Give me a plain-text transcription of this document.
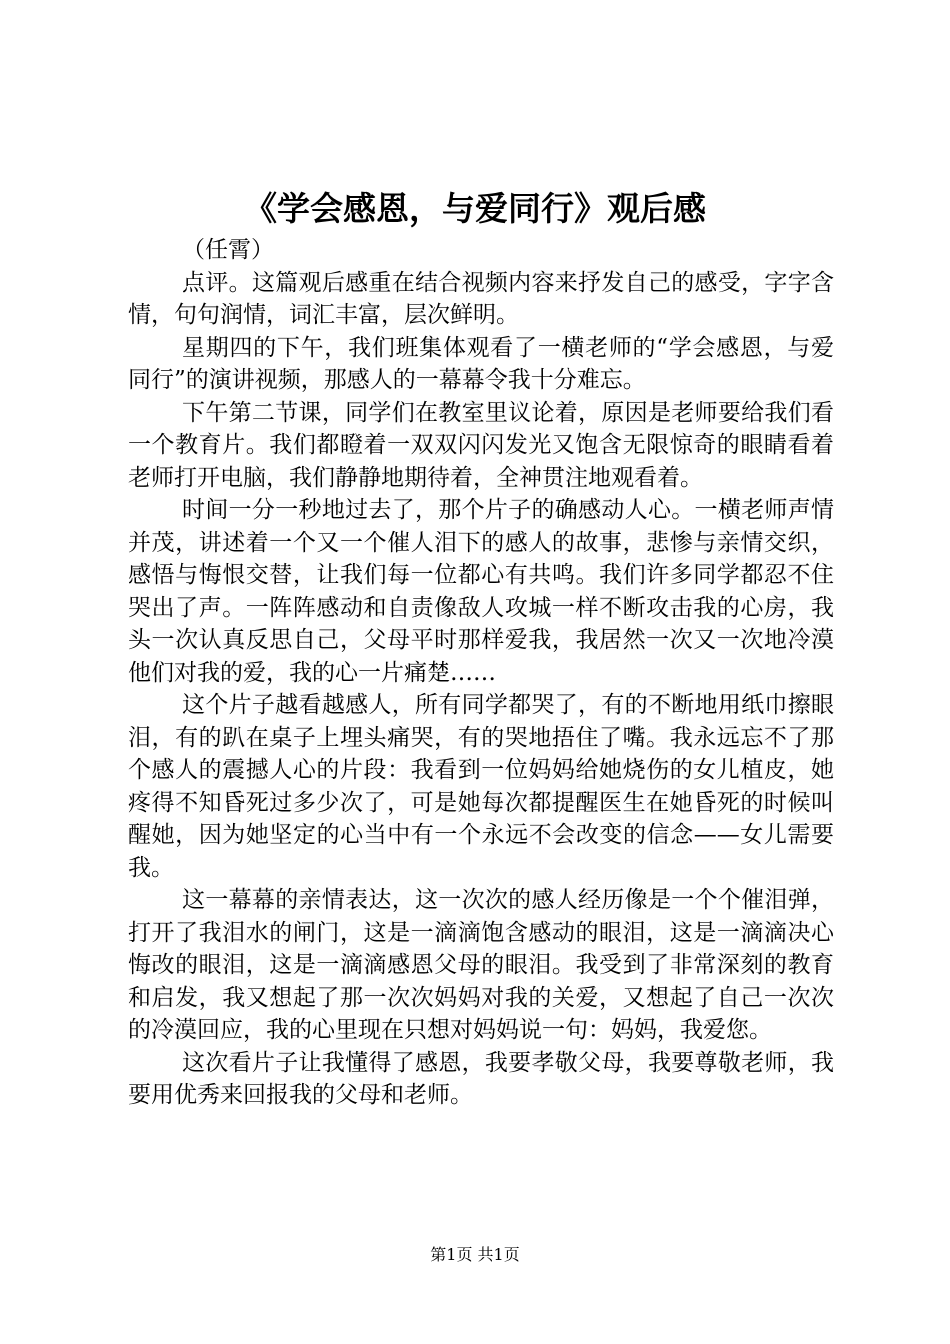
《学会感恩，与爱同行》观后感

（任霄）

点评。这篇观后感重在结合视频内容来抒发自己的感受，字字含情，句句润情，词汇丰富，层次鲜明。

星期四的下午，我们班集体观看了一横老师的“学会感恩，与爱同行”的演讲视频，那感人的一幕幕令我十分难忘。

下午第二节课，同学们在教室里议论着，原因是老师要给我们看一个教育片。我们都瞪着一双双闪闪发光又饱含无限惊奇的眼睛看着老师打开电脑，我们静静地期待着，全神贯注地观看着。

时间一分一秒地过去了，那个片子的确感动人心。一横老师声情并茂，讲述着一个又一个催人泪下的感人的故事，悲惨与亲情交织，感悟与悔恨交替，让我们每一位都心有共鸣。我们许多同学都忍不住哭出了声。一阵阵感动和自责像敌人攻城一样不断攻击我的心房，我头一次认真反思自己，父母平时那样爱我，我居然一次又一次地冷漠他们对我的爱，我的心一片痛楚……

这个片子越看越感人，所有同学都哭了，有的不断地用纸巾擦眼泪，有的趴在桌子上埋头痛哭，有的哭地捂住了嘴。我永远忘不了那个感人的震撼人心的片段：我看到一位妈妈给她烧伤的女儿植皮，她疼得不知昏死过多少次了，可是她每次都提醒医生在她昏死的时候叫醒她，因为她坚定的心当中有一个永远不会改变的信念——女儿需要我。

这一幕幕的亲情表达，这一次次的感人经历像是一个个催泪弹，打开了我泪水的闸门，这是一滴滴饱含感动的眼泪，这是一滴滴决心悔改的眼泪，这是一滴滴感恩父母的眼泪。我受到了非常深刻的教育和启发，我又想起了那一次次妈妈对我的关爱，又想起了自己一次次的冷漠回应，我的心里现在只想对妈妈说一句：妈妈，我爱您。

这次看片子让我懂得了感恩，我要孝敬父母，我要尊敬老师，我要用优秀来回报我的父母和老师。

第1页 共1页
